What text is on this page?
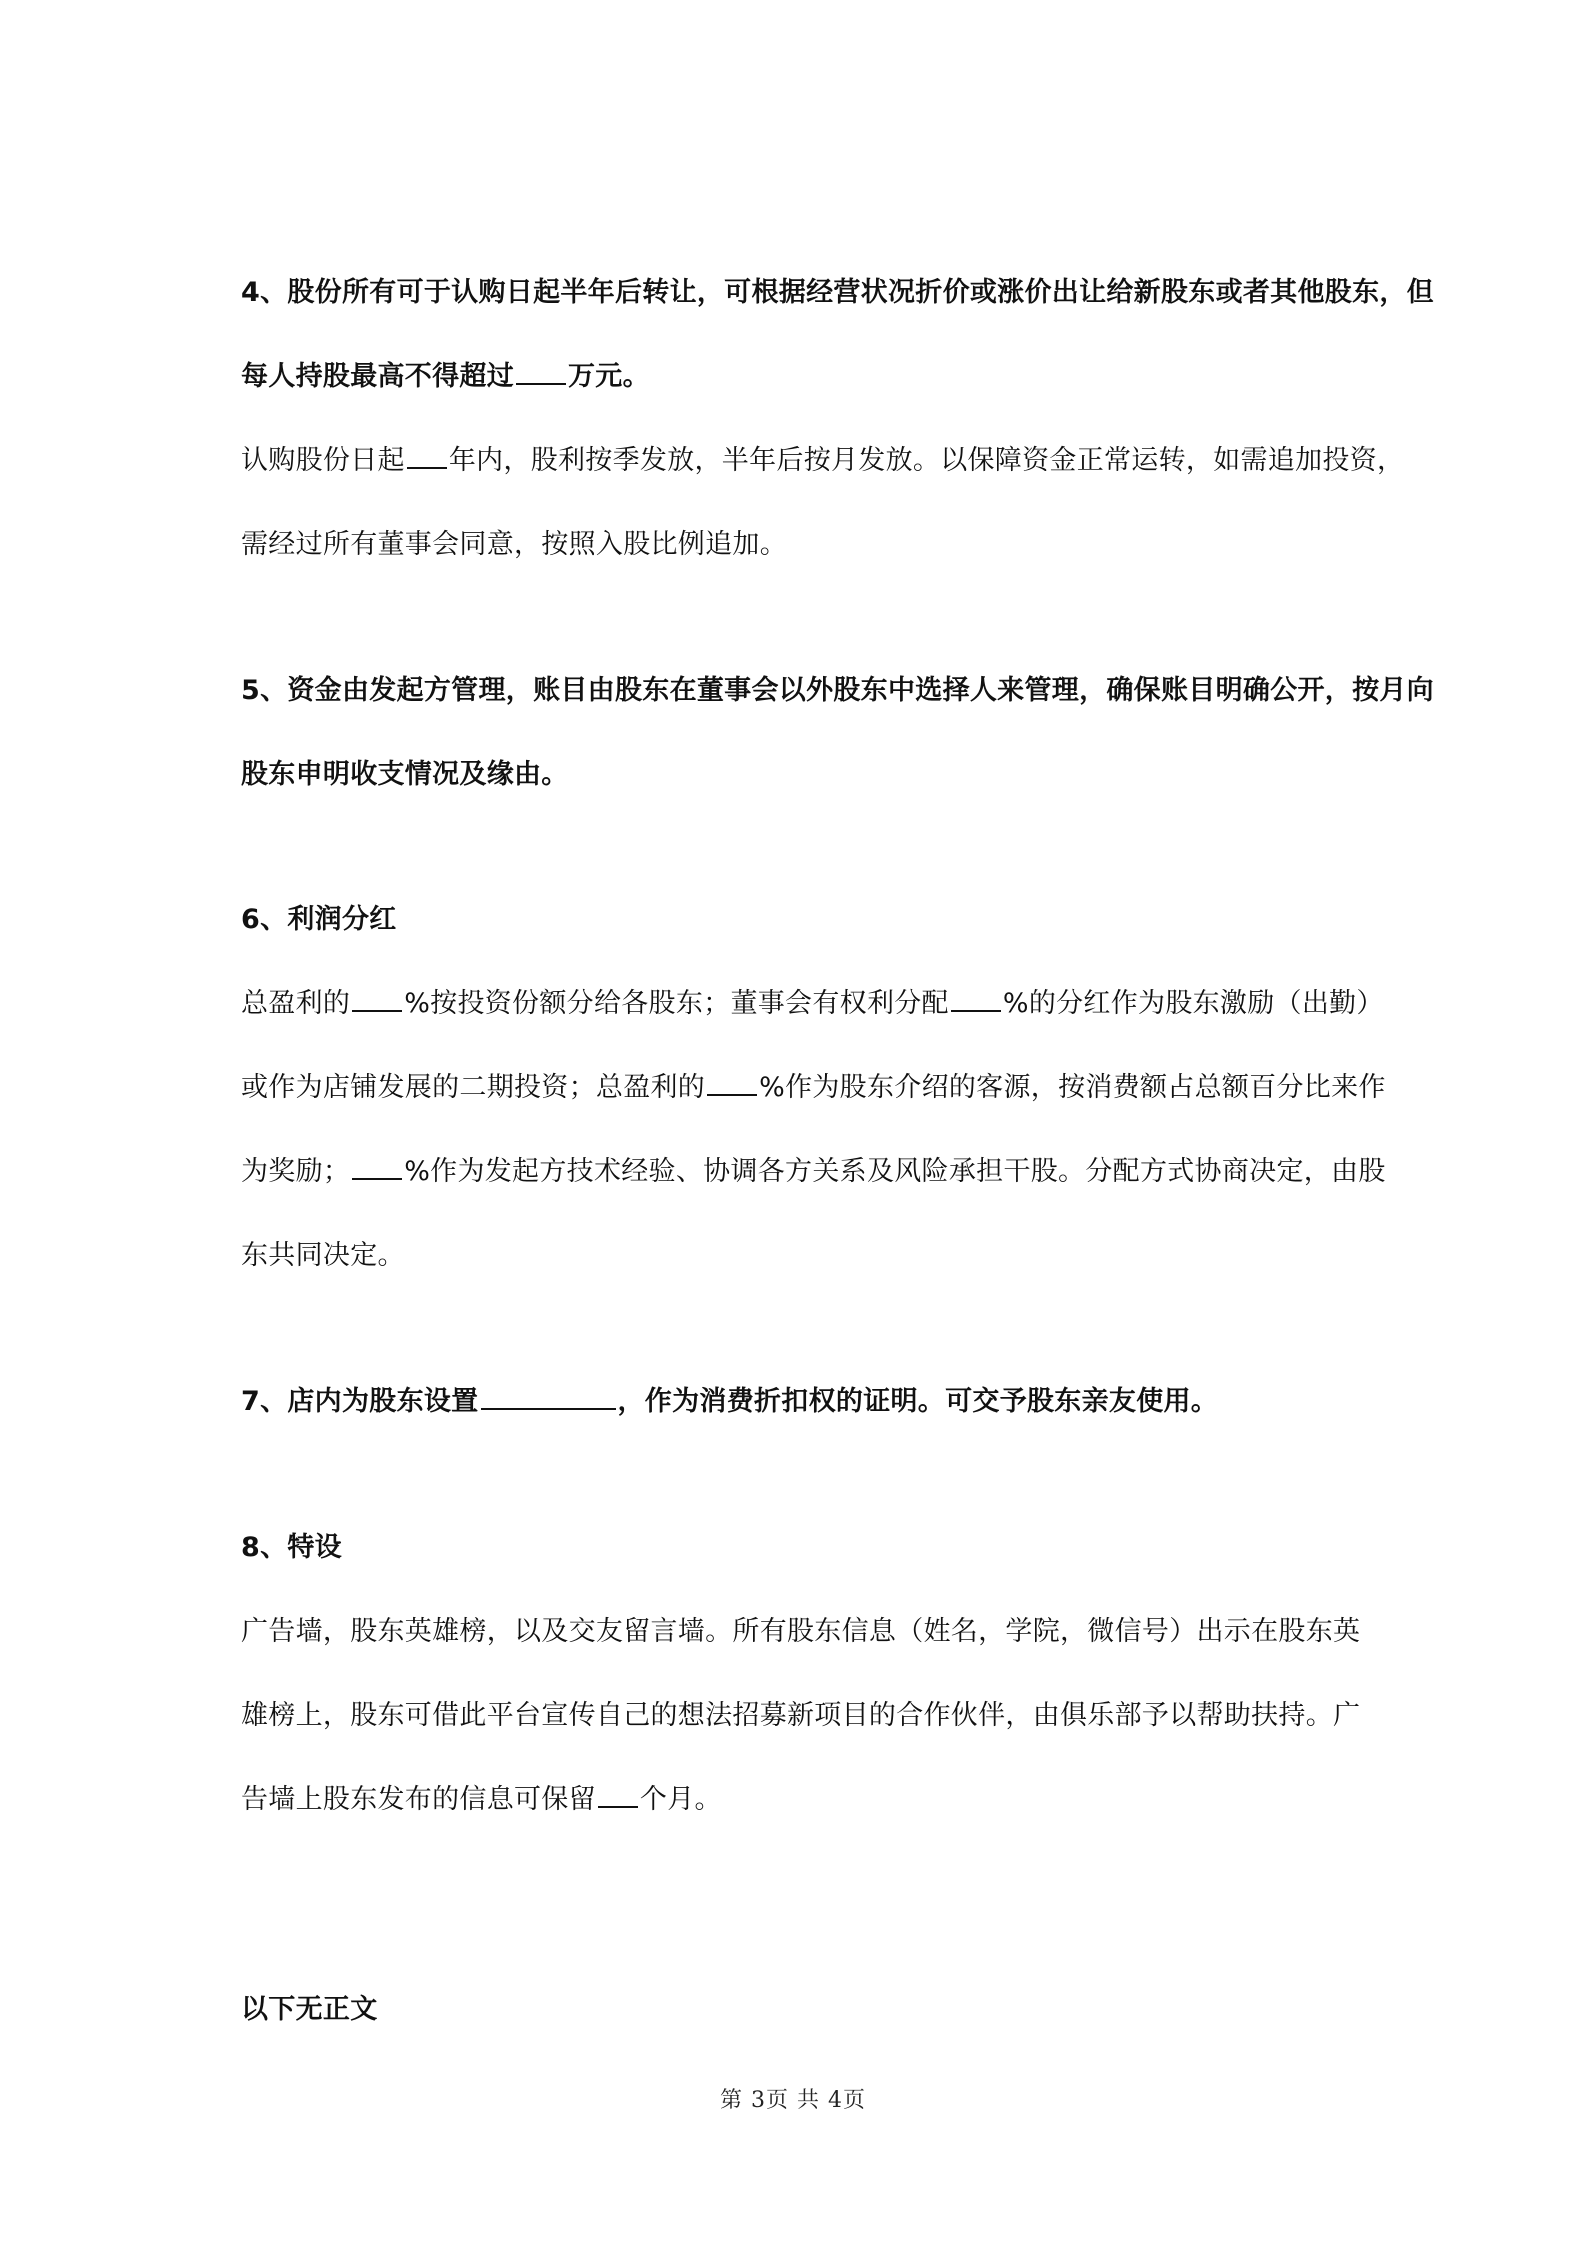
4、股份所有可于认购日起半年后转让，可根据经营状况折价或涨价出让给新股东或者其他股东，但
每人持股最高不得超过 万元。
认购股份日起 年内，股利按季发放，半年后按月发放。以保障资金正常运转，如需追加投资，
需经过所有董事会同意，按照入股比例追加。
5、资金由发起方管理，账目由股东在董事会以外股东中选择人来管理，确保账目明确公开，按月向
股东申明收支情况及缘由。
6、利润分红
总盈利的 %按投资份额分给各股东；董事会有权利分配 %的分红作为股东激励（出勤）
或作为店铺发展的二期投资；总盈利的 %作为股东介绍的客源，按消费额占总额百分比来作
为奖励； %作为发起方技术经验、协调各方关系及风险承担干股。分配方式协商决定，由股
东共同决定。
7、店内为股东设置	，作为消费折扣权的证明。可交予股东亲友使用。
8、特设
广告墙，股东英雄榜，以及交友留言墙。所有股东信息（姓名，学院，微信号）出示在股东英
雄榜上，股东可借此平台宣传自己的想法招募新项目的合作伙伴，由俱乐部予以帮助扶持。广
告墙上股东发布的信息可保留 个月。
以下无正文
第 3页 共 4页
